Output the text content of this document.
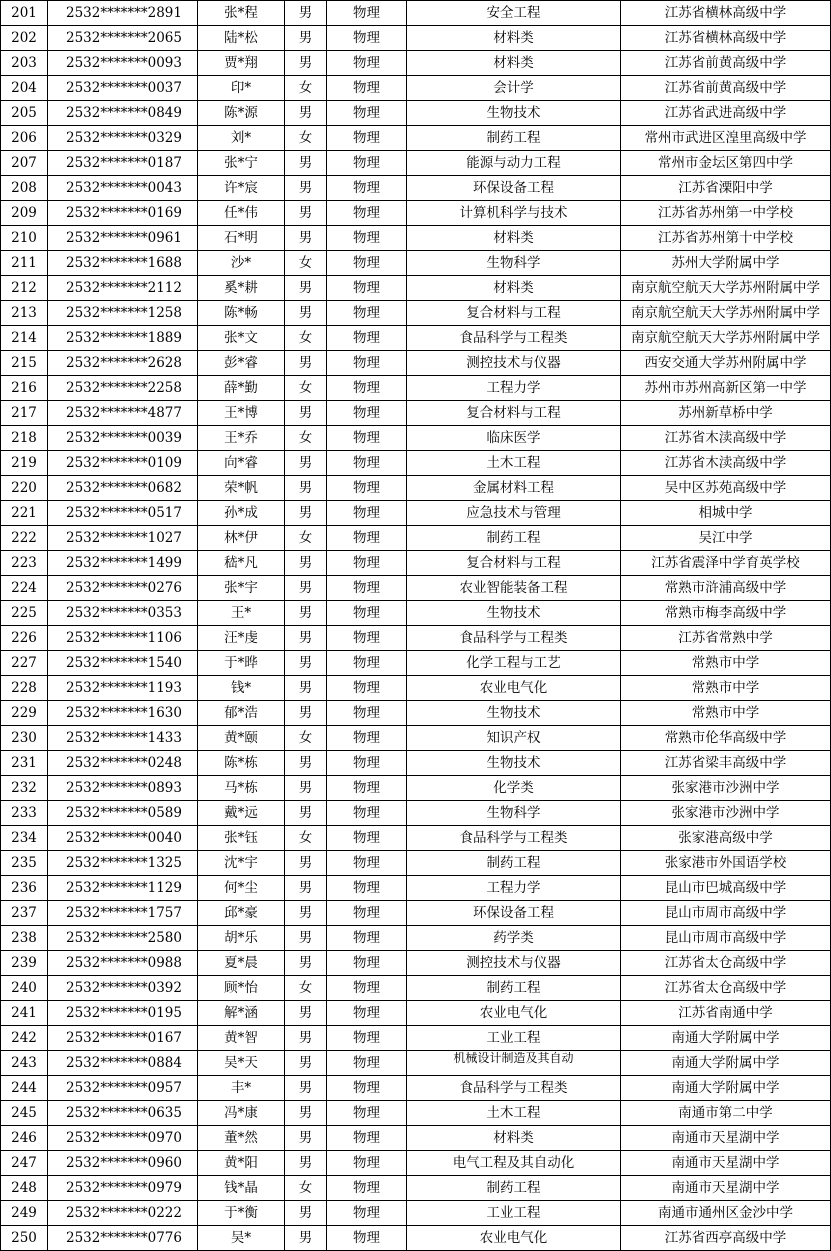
201	2532*******2891	张*程	男	物理	安全工程	江苏省横林高级中学
202	2532*******2065	陆*松	男	物理	材料类	江苏省横林高级中学
203	2532*******0093	贾*翔	男	物理	材料类	江苏省前黄高级中学
204	2532*******0037	印*	女	物理	会计学	江苏省前黄高级中学
205	2532*******0849	陈*源	男	物理	生物技术	江苏省武进高级中学
206	2532*******0329	刘*	女	物理	制药工程	常州市武进区湟里高级中学
207	2532*******0187	张*宁	男	物理	能源与动力工程	常州市金坛区第四中学
208	2532*******0043	许*宸	男	物理	环保设备工程	江苏省溧阳中学
209	2532*******0169	任*伟	男	物理	计算机科学与技术	江苏省苏州第一中学校
210	2532*******0961	石*明	男	物理	材料类	江苏省苏州第十中学校
211	2532*******1688	沙*	女	物理	生物科学	苏州大学附属中学
212	2532*******2112	奚*耕	男	物理	材料类	南京航空航天大学苏州附属中学
213	2532*******1258	陈*畅	男	物理	复合材料与工程	南京航空航天大学苏州附属中学
214	2532*******1889	张*文	女	物理	食品科学与工程类	南京航空航天大学苏州附属中学
215	2532*******2628	彭*睿	男	物理	测控技术与仪器	西安交通大学苏州附属中学
216	2532*******2258	薛*勤	女	物理	工程力学	苏州市苏州高新区第一中学
217	2532*******4877	王*博	男	物理	复合材料与工程	苏州新草桥中学
218	2532*******0039	王*乔	女	物理	临床医学	江苏省木渎高级中学
219	2532*******0109	向*睿	男	物理	土木工程	江苏省木渎高级中学
220	2532*******0682	荣*帆	男	物理	金属材料工程	吴中区苏苑高级中学
221	2532*******0517	孙*成	男	物理	应急技术与管理	相城中学
222	2532*******1027	林*伊	女	物理	制药工程	吴江中学
223	2532*******1499	嵇*凡	男	物理	复合材料与工程	江苏省震泽中学育英学校
224	2532*******0276	张*宇	男	物理	农业智能装备工程	常熟市浒浦高级中学
225	2532*******0353	王*	男	物理	生物技术	常熟市梅李高级中学
226	2532*******1106	汪*虔	男	物理	食品科学与工程类	江苏省常熟中学
227	2532*******1540	于*晔	男	物理	化学工程与工艺	常熟市中学
228	2532*******1193	钱*	男	物理	农业电气化	常熟市中学
229	2532*******1630	郁*浩	男	物理	生物技术	常熟市中学
230	2532*******1433	黄*颐	女	物理	知识产权	常熟市伦华高级中学
231	2532*******0248	陈*栋	男	物理	生物技术	江苏省梁丰高级中学
232	2532*******0893	马*栋	男	物理	化学类	张家港市沙洲中学
233	2532*******0589	戴*远	男	物理	生物科学	张家港市沙洲中学
234	2532*******0040	张*钰	女	物理	食品科学与工程类	张家港高级中学
235	2532*******1325	沈*宇	男	物理	制药工程	张家港市外国语学校
236	2532*******1129	何*尘	男	物理	工程力学	昆山市巴城高级中学
237	2532*******1757	邱*豪	男	物理	环保设备工程	昆山市周市高级中学
238	2532*******2580	胡*乐	男	物理	药学类	昆山市周市高级中学
239	2532*******0988	夏*晨	男	物理	测控技术与仪器	江苏省太仓高级中学
240	2532*******0392	顾*怡	女	物理	制药工程	江苏省太仓高级中学
241	2532*******0195	解*涵	男	物理	农业电气化	江苏省南通中学
242	2532*******0167	黄*智	男	物理	工业工程	南通大学附属中学
243	2532*******0884	吴*天	男	物理	机械设计制造及其自动	南通大学附属中学
244	2532*******0957	丰*	男	物理	食品科学与工程类	南通大学附属中学
245	2532*******0635	冯*康	男	物理	土木工程	南通市第二中学
246	2532*******0970	董*然	男	物理	材料类	南通市天星湖中学
247	2532*******0960	黄*阳	男	物理	电气工程及其自动化	南通市天星湖中学
248	2532*******0979	钱*晶	女	物理	制药工程	南通市天星湖中学
249	2532*******0222	于*衡	男	物理	工业工程	南通市通州区金沙中学
250	2532*******0776	吴*	男	物理	农业电气化	江苏省西亭高级中学
